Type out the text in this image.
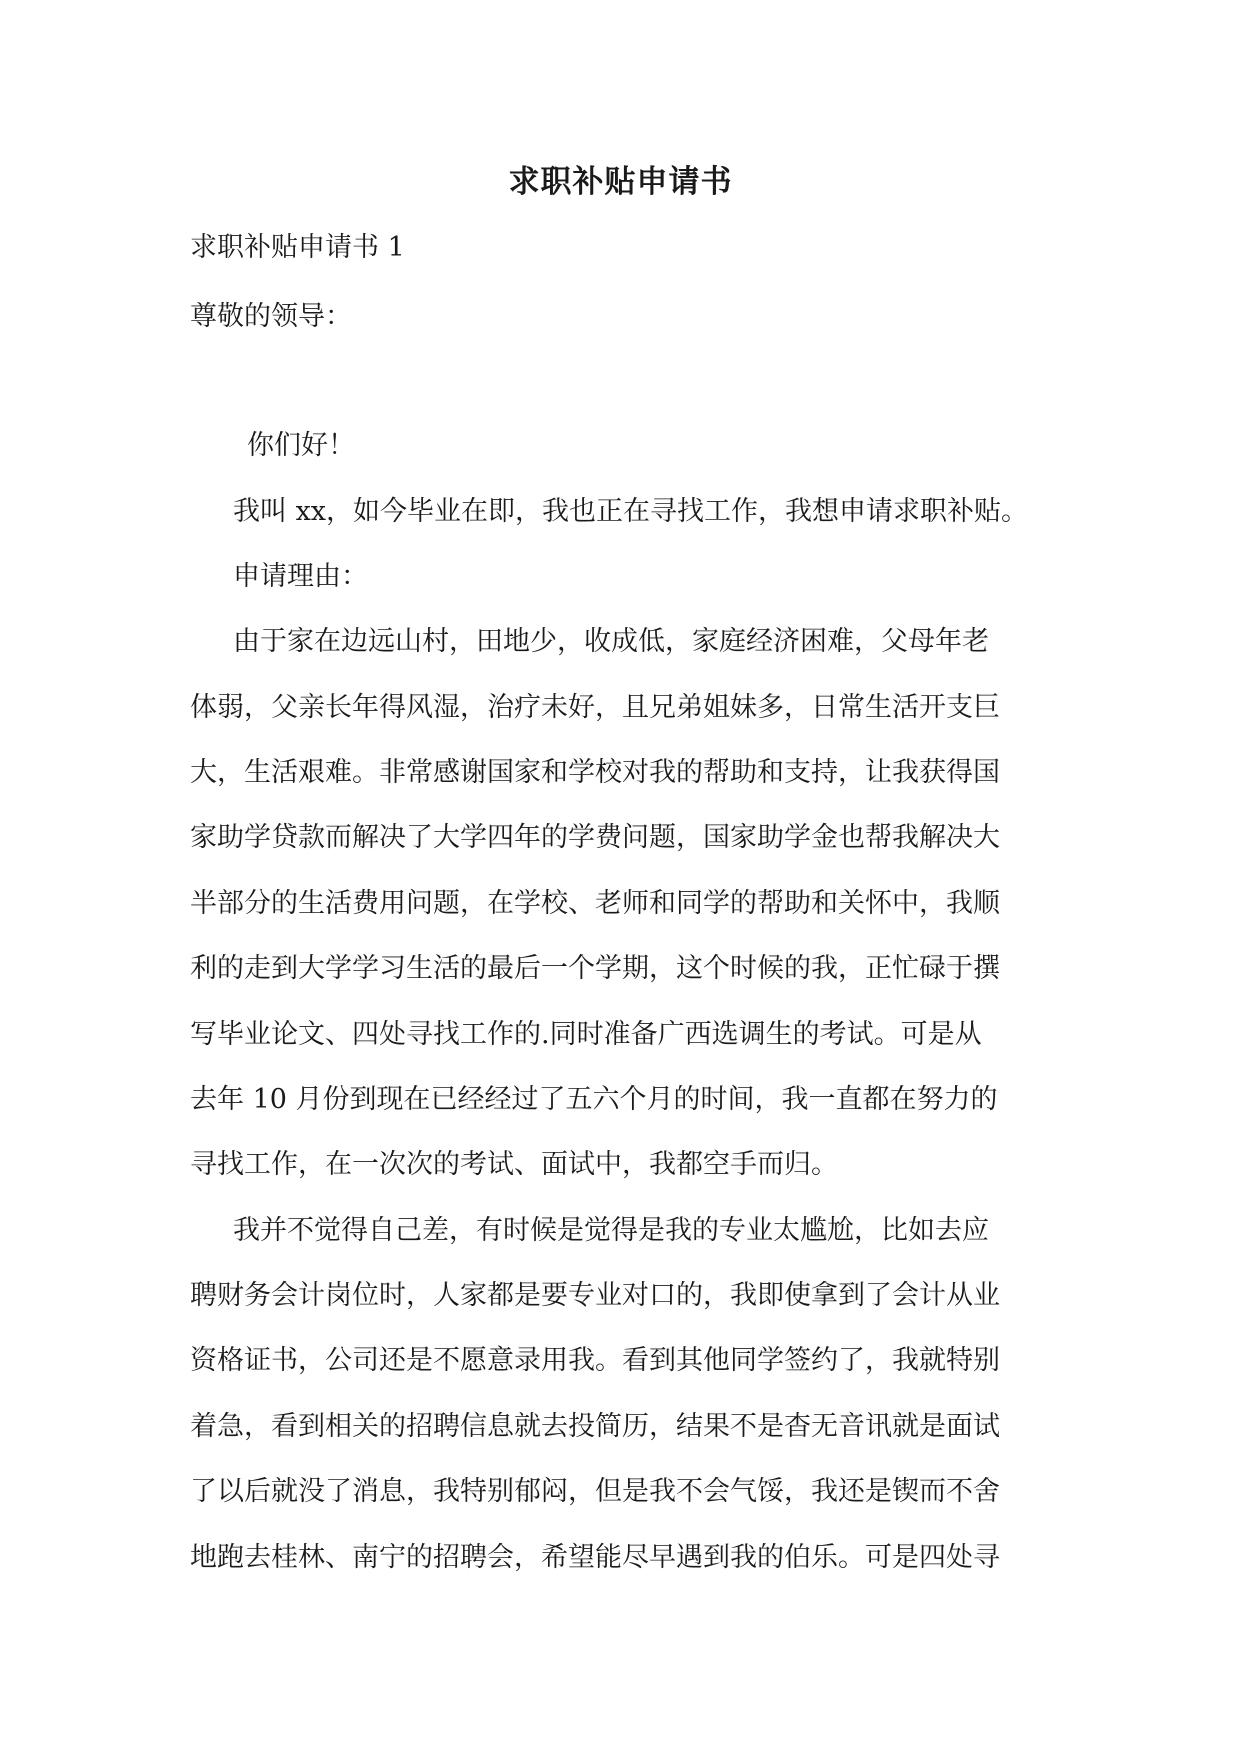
求职补贴申请书
求职补贴申请书 1
尊敬的领导：
你们好！
我叫 xx，如今毕业在即，我也正在寻找工作，我想申请求职补贴。
申请理由：
由于家在边远山村，田地少，收成低，家庭经济困难，父母年老
体弱，父亲长年得风湿，治疗未好，且兄弟姐妹多，日常生活开支巨
大，生活艰难。非常感谢国家和学校对我的帮助和支持，让我获得国
家助学贷款而解决了大学四年的学费问题，国家助学金也帮我解决大
半部分的生活费用问题，在学校、老师和同学的帮助和关怀中，我顺
利的走到大学学习生活的最后一个学期，这个时候的我，正忙碌于撰
写毕业论文、四处寻找工作的.同时准备广西选调生的考试。可是从
去年 10 月份到现在已经经过了五六个月的时间，我一直都在努力的
寻找工作，在一次次的考试、面试中，我都空手而归。
我并不觉得自己差，有时候是觉得是我的专业太尴尬，比如去应
聘财务会计岗位时，人家都是要专业对口的，我即使拿到了会计从业
资格证书，公司还是不愿意录用我。看到其他同学签约了，我就特别
着急，看到相关的招聘信息就去投简历，结果不是杳无音讯就是面试
了以后就没了消息，我特别郁闷，但是我不会气馁，我还是锲而不舍
地跑去桂林、南宁的招聘会，希望能尽早遇到我的伯乐。可是四处寻
